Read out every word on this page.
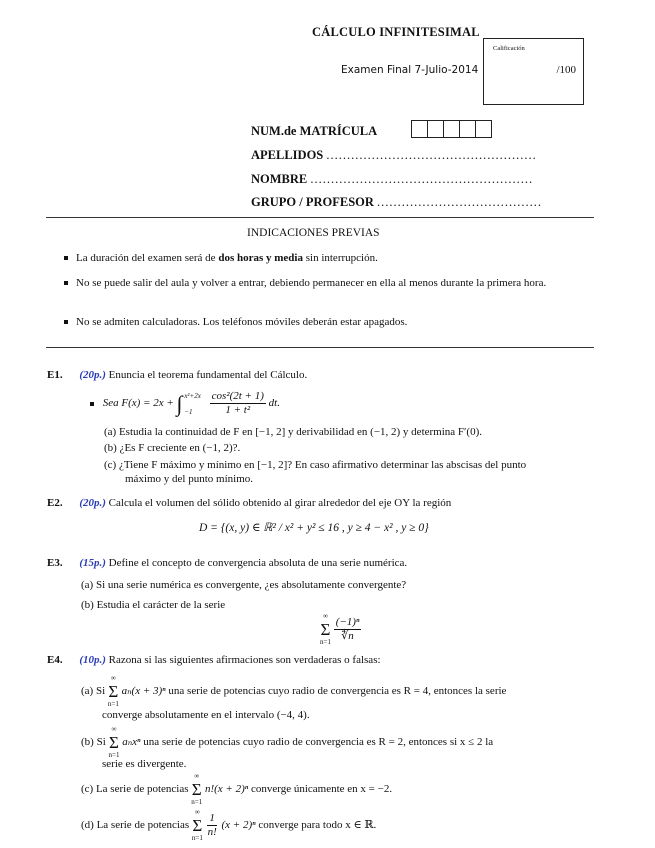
CÁLCULO INFINITESIMAL
Examen Final 7-Julio-2014
Calificación
/100
NUM.de MATRÍCULA
APELLIDOS ...................................................
NOMBRE ......................................................
GRUPO / PROFESOR ........................................
INDICACIONES PREVIAS
La duración del examen será de dos horas y media sin interrupción.
No se puede salir del aula y volver a entrar, debiendo permanecer en ella al menos durante la primera hora.
No se admiten calculadoras. Los teléfonos móviles deberán estar apagados.
E1. (20p.) Enuncia el teorema fundamental del Cálculo.
Sea F(x) = 2x + ∫ x²+2x
−1
	$\frac{\text{cos²(2t + 1)}}{\text{1 + t²}}$ dt.
(a) Estudia la continuidad de F en [−1, 2] y derivabilidad en (−1, 2) y determina F′(0).
(b) ¿Es F creciente en (−1, 2)?.
(c) ¿Tiene F máximo y mínimo en [−1, 2]? En caso afirmativo determinar las abscisas del punto
máximo y del punto mínimo.
E2. (20p.) Calcula el volumen del sólido obtenido al girar alrededor del eje OY la región
D = {(x, y) ∈ ℝ² / x² + y² ≤ 16 , y ≥ 4 − x² , y ≥ 0}
E3. (15p.) Define el concepto de convergencia absoluta de una serie numérica.
(a) Si una serie numérica es convergente, ¿es absolutamente convergente?
(b) Estudia el carácter de la serie
∞
Σ
n=1
$\frac{\text{(−1)ⁿ}}{∜n}$
E4. (10p.) Razona si las siguientes afirmaciones son verdaderas o falsas:
(a) Si
∞
Σ
n=1
aₙ(x + 3)ⁿ una serie de potencias cuyo radio de convergencia es R = 4, entonces la serie
converge absolutamente en el intervalo (−4, 4).
(b) Si
∞
Σ
n=1
aₙxⁿ una serie de potencias cuyo radio de convergencia es R = 2, entonces si x ≤ 2 la
serie es divergente.
(c) La serie de potencias
∞
Σ
n=1
n!(x + 2)ⁿ converge únicamente en x = −2.
(d) La serie de potencias
∞
Σ
n=1
$\frac{1}{n!} (x + 2)^n$ converge para todo x ∈ ℝ.
